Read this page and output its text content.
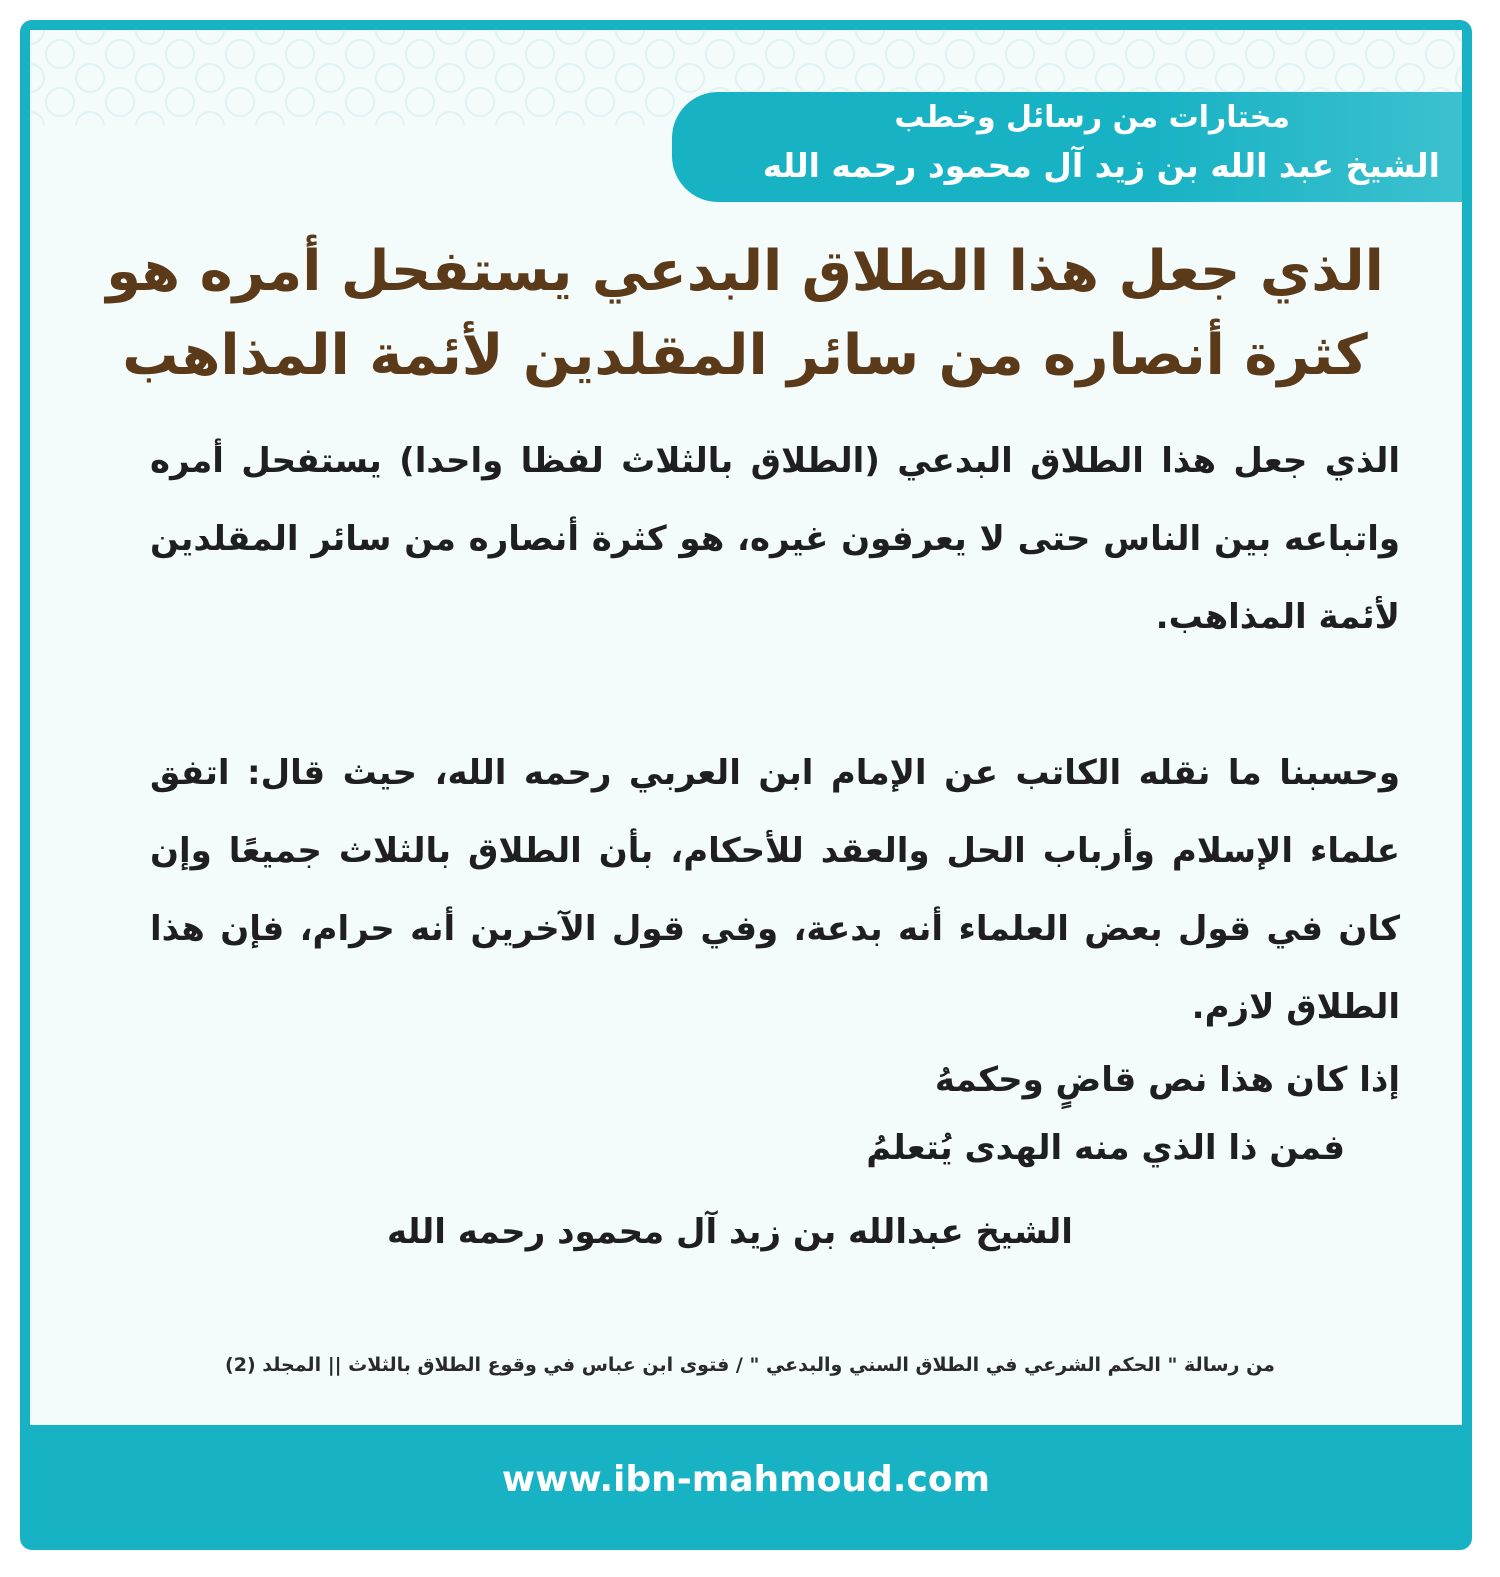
مختارات من رسائل وخطب
الشيخ عبد الله بن زيد آل محمود رحمه الله
الذي جعل هذا الطلاق البدعي يستفحل أمره هو
كثرة أنصاره من سائر المقلدين لأئمة المذاهب

الذي جعل هذا الطلاق البدعي (الطلاق بالثلاث لفظا واحدا) يستفحل أمره واتباعه بين الناس حتى لا يعرفون غيره، هو كثرة أنصاره من سائر المقلدين لأئمة المذاهب.

وحسبنا ما نقله الكاتب عن الإمام ابن العربي رحمه الله، حيث قال: اتفق علماء الإسلام وأرباب الحل والعقد للأحكام، بأن الطلاق بالثلاث جميعًا وإن كان في قول بعض العلماء أنه بدعة، وفي قول الآخرين أنه حرام، فإن هذا الطلاق لازم.

إذا كان هذا نص قاضٍ وحكمهُ

فمن ذا الذي منه الهدى يُتعلمُ

الشيخ عبدالله بن زيد آل محمود رحمه الله
من رسالة " الحكم الشرعي في الطلاق السني والبدعي " / فتوى ابن عباس في وقوع الطلاق بالثلاث || المجلد (2)
www.ibn-mahmoud.com
